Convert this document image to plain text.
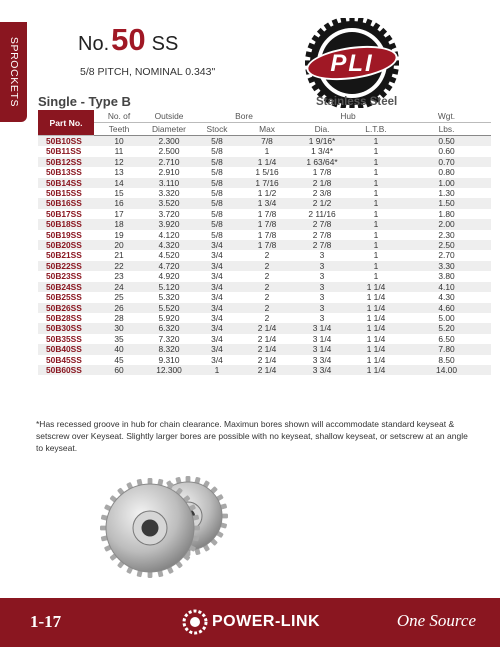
SPROCKETS	No.50 SS
5/8 PITCH, NOMINAL 0.343"	PLI
Single - Type B	Stainless Steel
Part No.	No. of	Outside	Bore		Hub		Wgt.
	Teeth	Diameter	Stock	Max	Dia.	L.T.B.	Lbs.
50B10SS	10	2.300	5/8	7/8	1 9/16*	1	0.50
50B11SS	11	2.500	5/8	1	1 3/4*	1	0.60
50B12SS	12	2.710	5/8	1 1/4	1 63/64*	1	0.70
50B13SS	13	2.910	5/8	1 5/16	1 7/8	1	0.80
50B14SS	14	3.110	5/8	1 7/16	2 1/8	1	1.00
50B15SS	15	3.320	5/8	1 1/2	2 3/8	1	1.30
50B16SS	16	3.520	5/8	1 3/4	2 1/2	1	1.50
50B17SS	17	3.720	5/8	1 7/8	2 11/16	1	1.80
50B18SS	18	3.920	5/8	1 7/8	2 7/8	1	2.00
50B19SS	19	4.120	5/8	1 7/8	2 7/8	1	2.30
50B20SS	20	4.320	3/4	1 7/8	2 7/8	1	2.50
50B21SS	21	4.520	3/4	2	3	1	2.70
50B22SS	22	4.720	3/4	2	3	1	3.30
50B23SS	23	4.920	3/4	2	3	1	3.80
50B24SS	24	5.120	3/4	2	3	1 1/4	4.10
50B25SS	25	5.320	3/4	2	3	1 1/4	4.30
50B26SS	26	5.520	3/4	2	3	1 1/4	4.60
50B28SS	28	5.920	3/4	2	3	1 1/4	5.00
50B30SS	30	6.320	3/4	2 1/4	3 1/4	1 1/4	5.20
50B35SS	35	7.320	3/4	2 1/4	3 1/4	1 1/4	6.50
50B40SS	40	8.320	3/4	2 1/4	3 1/4	1 1/4	7.80
50B45SS	45	9.310	3/4	2 1/4	3 3/4	1 1/4	8.50
50B60SS	60	12.300	1	2 1/4	3 3/4	1 1/4	14.00
*Has recessed groove in hub for chain clearance. Maximun bores shown will accommodate standard keyseat & setscrew over Keyseat. Slightly larger bores are possible with no keyseat, shallow keyseat, or setscrew at an angle to keyseat.
1-17	POWER-LINK	One Source
